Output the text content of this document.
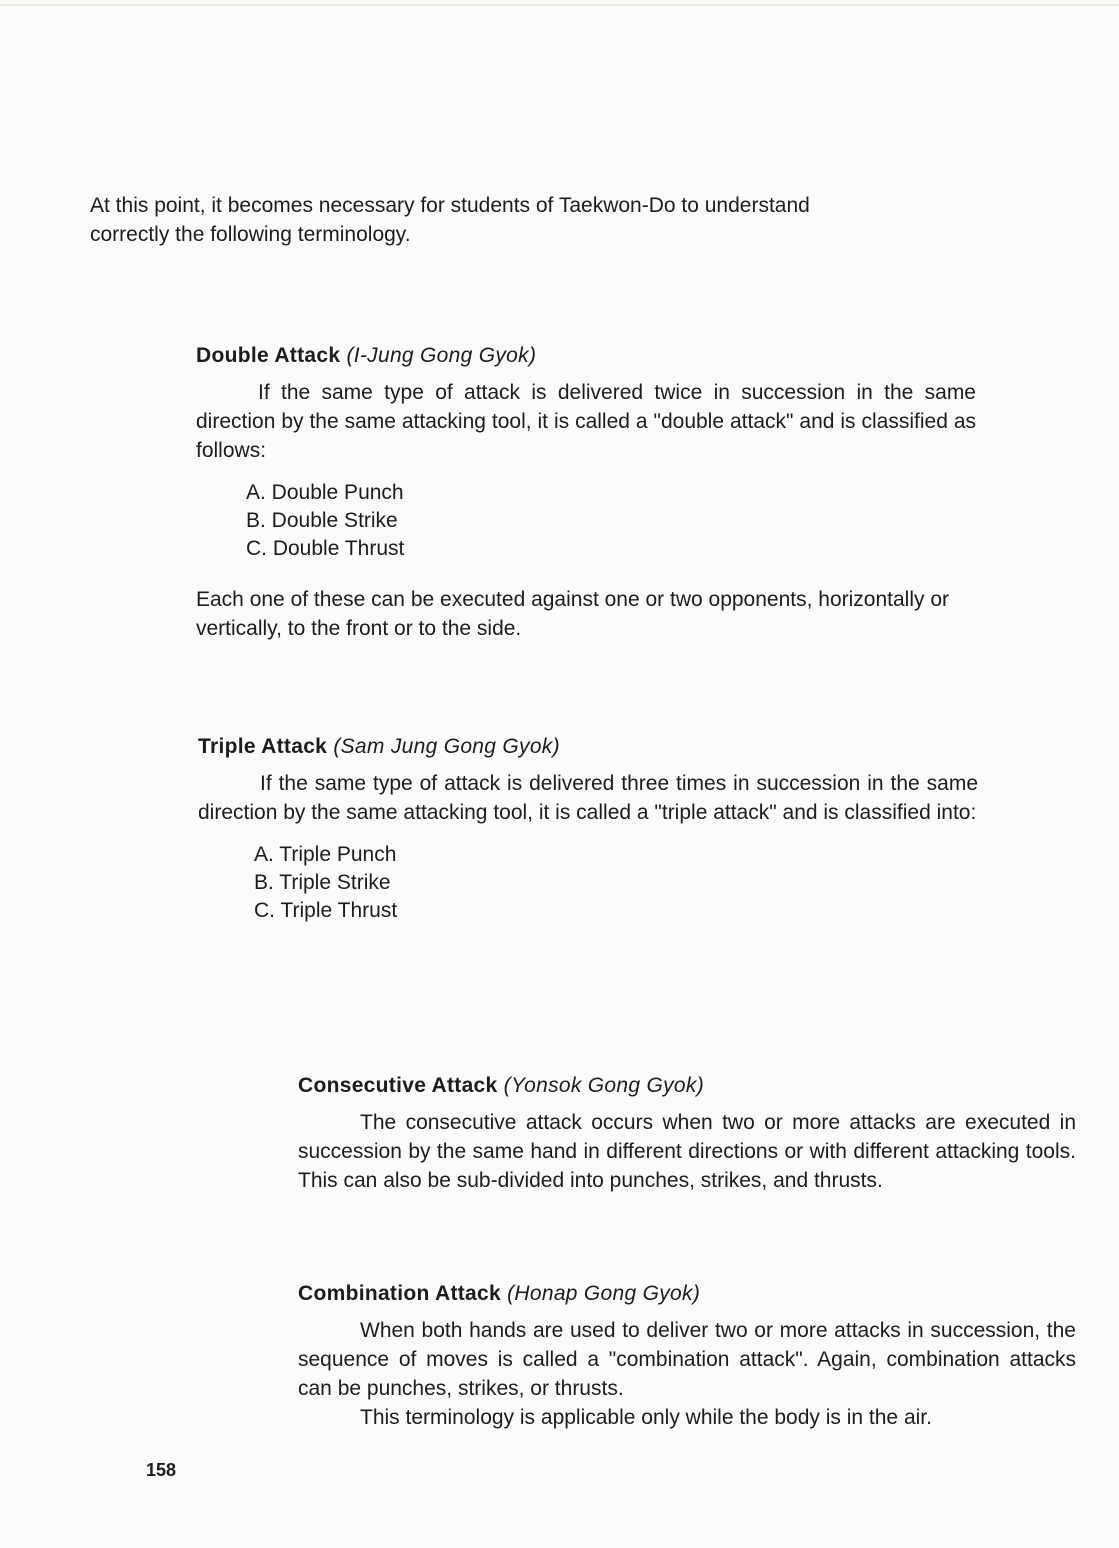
At this point, it becomes necessary for students of Taekwon-Do to understand correctly the following terminology.

Double Attack (I-Jung Gong Gyok)

If the same type of attack is delivered twice in succession in the same direction by the same attacking tool, it is called a "double attack" and is classified as follows:

A. Double Punch
B. Double Strike
C. Double Thrust

Each one of these can be executed against one or two opponents, horizontally or vertically, to the front or to the side.

Triple Attack (Sam Jung Gong Gyok)

If the same type of attack is delivered three times in succession in the same direction by the same attacking tool, it is called a "triple attack" and is classified into:

A. Triple Punch
B. Triple Strike
C. Triple Thrust
Consecutive Attack (Yonsok Gong Gyok)

The consecutive attack occurs when two or more attacks are executed in succession by the same hand in different directions or with different attacking tools. This can also be sub-divided into punches, strikes, and thrusts.

Combination Attack (Honap Gong Gyok)

When both hands are used to deliver two or more attacks in succession, the sequence of moves is called a "combination attack". Again, combination attacks can be punches, strikes, or thrusts.

This terminology is applicable only while the body is in the air.

158
